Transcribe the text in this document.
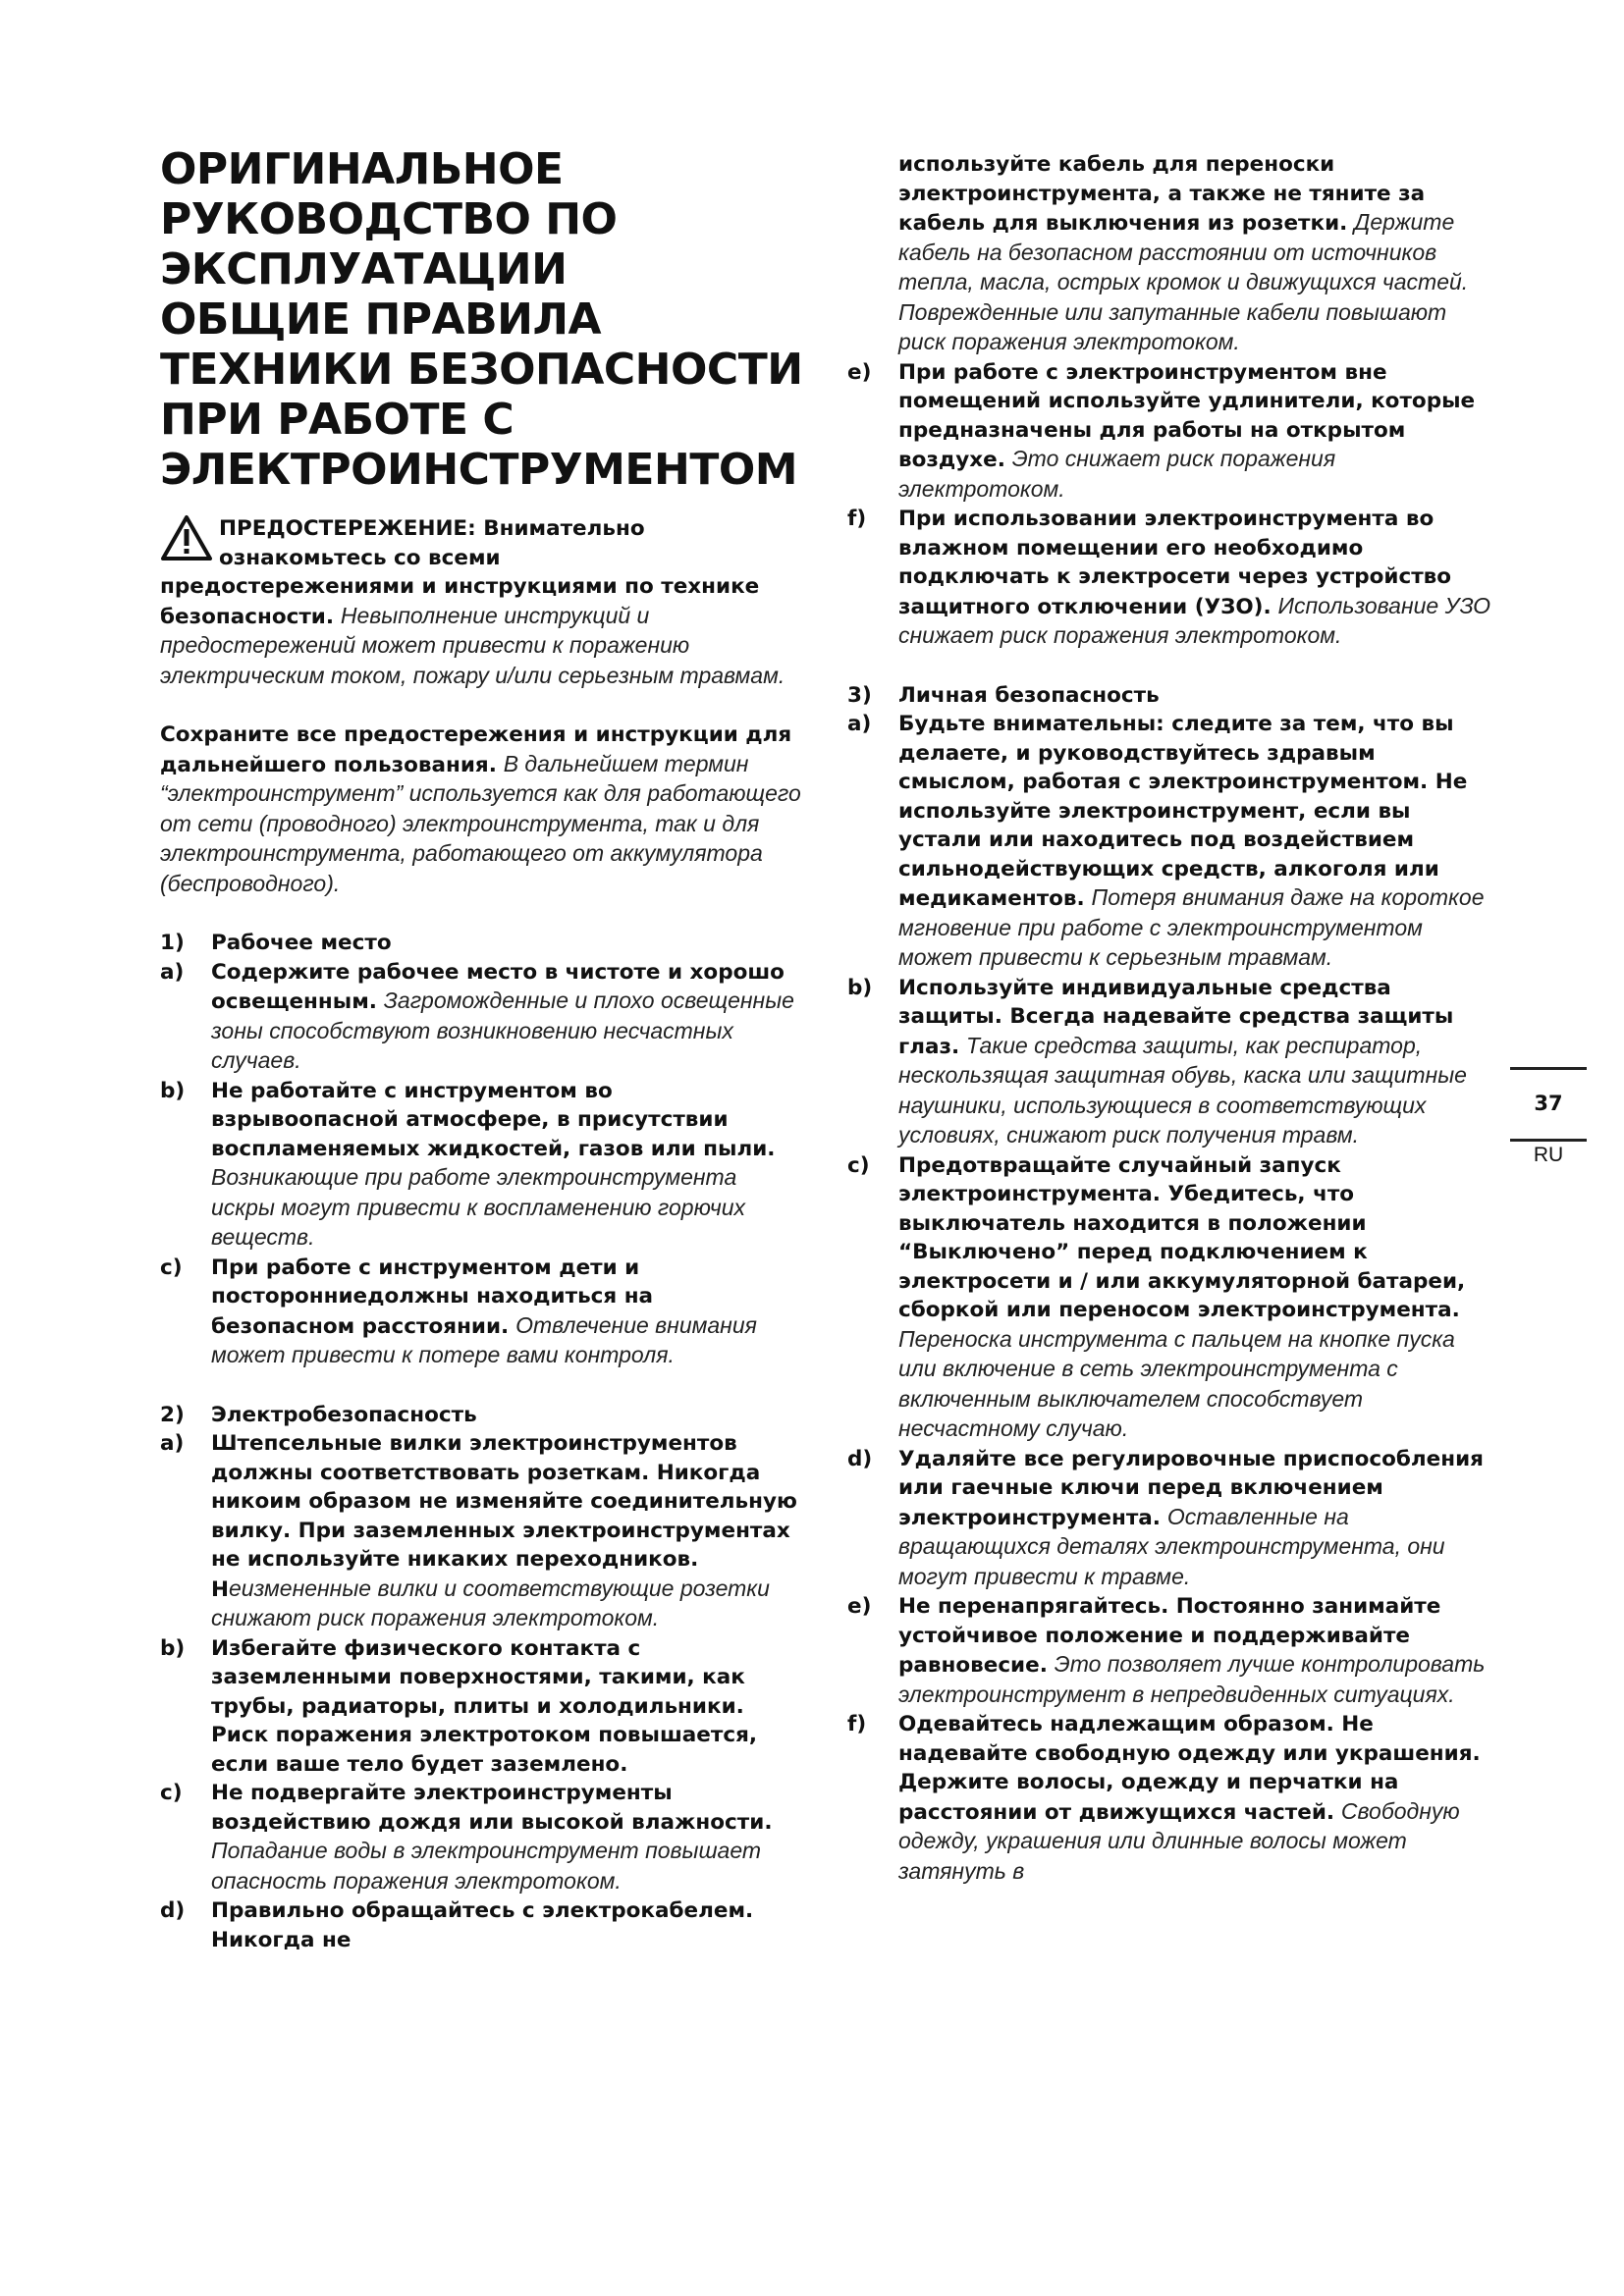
ОРИГИНАЛЬНОЕ
РУКОВОДСТВО ПО
ЭКСПЛУАТАЦИИ
ОБЩИЕ ПРАВИЛА
ТЕХНИКИ БЕЗОПАСНОСТИ
ПРИ РАБОТЕ С
ЭЛЕКТРОИНСТРУМЕНТОМ
ПРЕДОСТЕРЕЖЕНИЕ: Внимательно
ознакомьтесь со всеми
предостережениями и инструкциями по технике безопасности. Невыполнение инструкций и предостережений может привести к поражению электрическим током, пожару и/или серьезным травмам.

Сохраните все предостережения и инструкции для дальнейшего пользования. В дальнейшем термин “электроинструмент” используется как для работающего от сети (проводного) электроинструмента, так и для электроинструмента, работающего от аккумулятора (беспроводного).

1)	Рабочее место
a)	Содержите рабочее место в чистоте и хорошо освещенным. Загроможденные и плохо освещенные зоны способствуют возникновению несчастных случаев.
b)	Не работайте с инструментом во взрывоопасной атмосфере, в присутствии воспламеняемых жидкостей, газов или пыли. Возникающие при работе электроинструмента искры могут привести к воспламенению горючих веществ.
c)	При работе с инструментом дети и посторонниедолжны находиться на безопасном расстоянии. Отвлечение внимания может привести к потере вами контроля.
2)	Электробезопасность
a)	Штепсельные вилки электроинструментов должны соответствовать розеткам. Никогда никоим образом не изменяйте соединительную вилку. При заземленных электроинструментах не используйте никаких переходников. Неизмененные вилки и соответствующие розетки снижают риск поражения электротоком.
b)	Избегайте физического контакта с заземленными поверхностями, такими, как трубы, радиаторы, плиты и холодильники. Риск поражения электротоком повышается, если ваше тело будет заземлено.
c)	Не подвергайте электроинструменты воздействию дождя или высокой влажности. Попадание воды в электроинструмент повышает опасность поражения электротоком.
d)	Правильно обращайтесь с электрокабелем. Никогда не

используйте кабель для переноски электроинструмента, а также не тяните за кабель для выключения из розетки. Держите кабель на безопасном расстоянии от источников тепла, масла, острых кромок и движущихся частей. Поврежденные или запутанные кабели повышают риск поражения электротоком.

e)	При работе с электроинструментом вне помещений используйте удлинители, которые предназначены для работы на открытом воздухе. Это снижает риск поражения электротоком.
f)	При использовании электроинструмента во влажном помещении его необходимо подключать к электросети через устройство защитного отключении (УЗО). Использование УЗО снижает риск поражения электротоком.
3)	Личная безопасность
a)	Будьте внимательны: следите за тем, что вы делаете, и руководствуйтесь здравым смыслом, работая с электроинструментом. Не используйте электроинструмент, если вы устали или находитесь под воздействием сильнодействующих средств, алкоголя или медикаментов. Потеря внимания даже на короткое мгновение при работе с электроинструментом может привести к серьезным травмам.
b)	Используйте индивидуальные средства защиты. Всегда надевайте средства защиты глаз. Такие средства защиты, как респиратор, нескользящая защитная обувь, каска или защитные наушники, использующиеся в соответствующих условиях, снижают риск получения травм.
c)	Предотвращайте случайный запуск электроинструмента. Убедитесь, что выключатель находится в положении “Выключено” перед подключением к электросети и / или аккумуляторной батареи, сборкой или переносом электроинструмента. Переноска инструмента с пальцем на кнопке пуска или включение в сеть электроинструмента с включенным выключателем способствует несчастному случаю.
d)	Удаляйте все регулировочные приспособления или гаечные ключи перед включением электроинструмента. Оставленные на вращающихся деталях электроинструмента, они могут привести к травме.
e)	Не перенапрягайтесь. Постоянно занимайте устойчивое положение и поддерживайте равновесие. Это позволяет лучше контролировать электроинструмент в непредвиденных ситуациях.
f)	Одевайтесь надлежащим образом. Не надевайте свободную одежду или украшения. Держите волосы, одежду и перчатки на расстоянии от движущихся частей. Свободную одежду, украшения или длинные волосы может затянуть в
37
RU
